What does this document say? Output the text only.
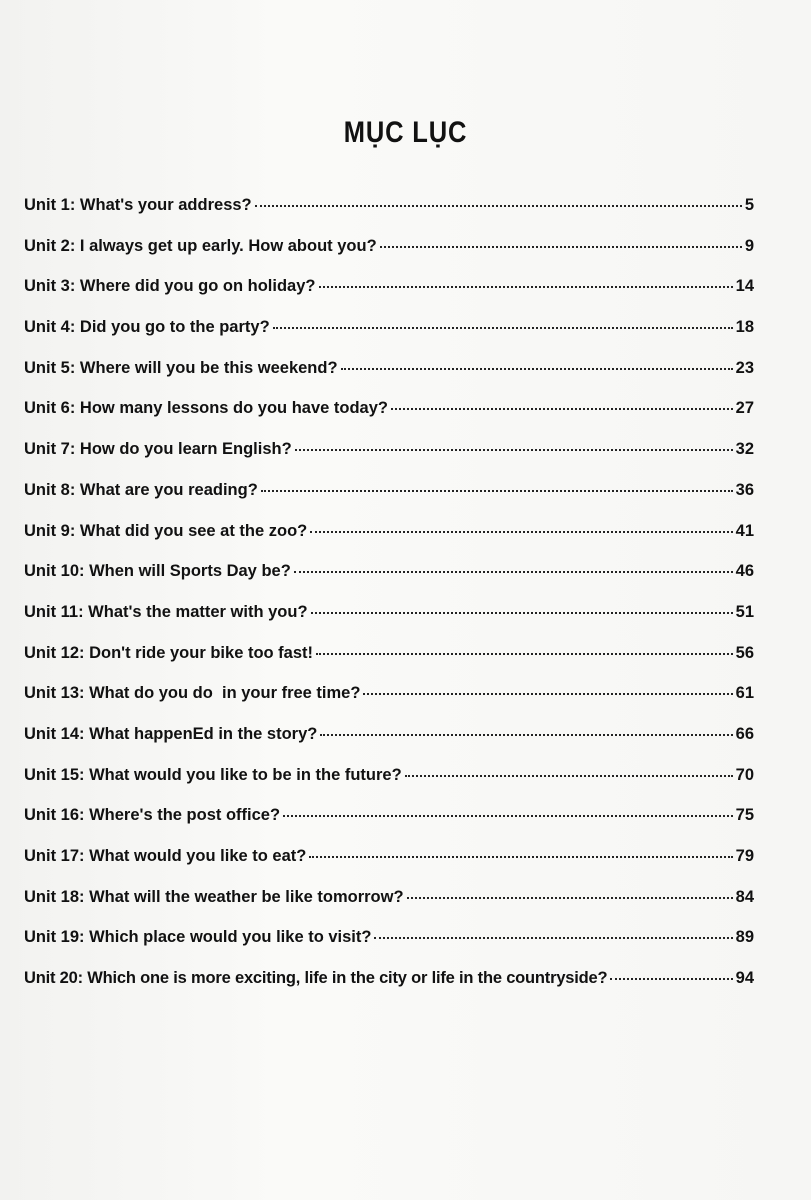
MỤC LỤC
Unit 1: What's your address?	5
Unit 2: I always get up early. How about you?	9
Unit 3: Where did you go on holiday?	14
Unit 4: Did you go to the party?	18
Unit 5: Where will you be this weekend?	23
Unit 6: How many lessons do you have today?	27
Unit 7: How do you learn English?	32
Unit 8: What are you reading?	36
Unit 9: What did you see at the zoo?	41
Unit 10: When will Sports Day be?	46
Unit 11: What's the matter with you?	51
Unit 12: Don't ride your bike too fast!	56
Unit 13: What do you do  in your free time?	61
Unit 14: What happenEd in the story?	66
Unit 15: What would you like to be in the future?	70
Unit 16: Where's the post office?	75
Unit 17: What would you like to eat?	79
Unit 18: What will the weather be like tomorrow?	84
Unit 19: Which place would you like to visit?	89
Unit 20: Which one is more exciting, life in the city or life in the countryside?	94
